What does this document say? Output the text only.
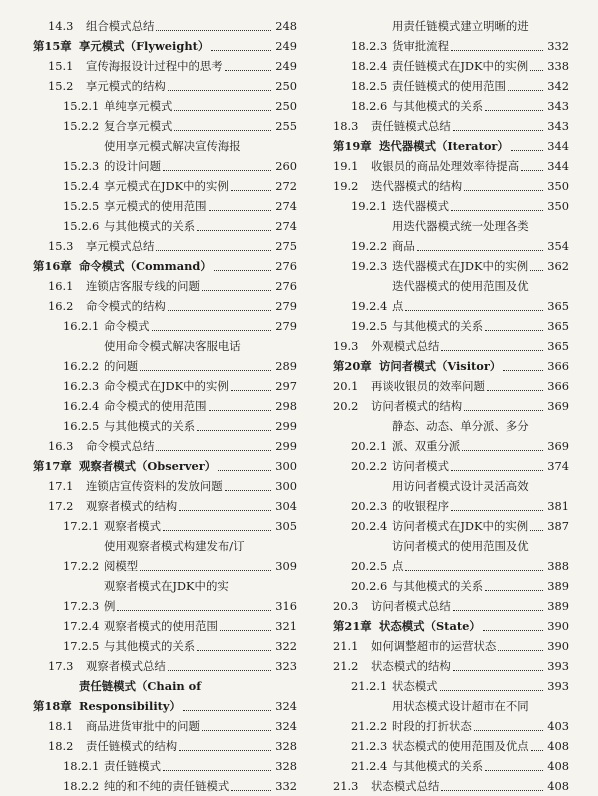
14.3	组合模式总结	248
第15章 享元模式（Flyweight）	249
15.1	宣传海报设计过程中的思考	249
15.2	享元模式的结构	250
15.2.1 单纯享元模式	250
15.2.2 复合享元模式	255
15.2.3
使用享元模式解决宣传海报
的设计问题	260
15.2.4 享元模式在JDK中的实例	272
15.2.5 享元模式的使用范围	274
15.2.6 与其他模式的关系	274
15.3	享元模式总结	275
第16章 命令模式（Command）	276
16.1	连锁店客服专线的问题	276
16.2	命令模式的结构	279
16.2.1 命令模式	279
16.2.2
使用命令模式解决客服电话
的问题	289
16.2.3 命令模式在JDK中的实例	297
16.2.4 命令模式的使用范围	298
16.2.5 与其他模式的关系	299
16.3	命令模式总结	299
第17章 观察者模式（Observer）	300
17.1	连锁店宣传资料的发放问题	300
17.2	观察者模式的结构	304
17.2.1 观察者模式	305
17.2.2
使用观察者模式构建发布/订
阅模型	309
17.2.3
观察者模式在JDK中的实
例	316
17.2.4 观察者模式的使用范围	321
17.2.5 与其他模式的关系	322
17.3	观察者模式总结	323
第18章
责任链模式（Chain of
Responsibility）	324
18.1	商品进货审批中的问题	324
18.2	责任链模式的结构	328
18.2.1 责任链模式	328
18.2.2 纯的和不纯的责任链模式	332
18.2.3
用责任链模式建立明晰的进
货审批流程	332
18.2.4 责任链模式在JDK中的实例 338
18.2.5 责任链模式的使用范围	342
18.2.6 与其他模式的关系	343
18.3	责任链模式总结	343
第19章 迭代器模式（Iterator）	344
19.1	收银员的商品处理效率待提高 344
19.2	迭代器模式的结构	350
19.2.1 迭代器模式	350
19.2.2
用迭代器模式统一处理各类
商品	354
19.2.3 迭代器模式在JDK中的实例 362
19.2.4
迭代器模式的使用范围及优
点	365
19.2.5 与其他模式的关系	365
19.3	外观模式总结	365
第20章 访问者模式（Visitor）	366
20.1	再谈收银员的效率问题	366
20.2	访问者模式的结构	369
20.2.1
静态、动态、单分派、多分
派、双重分派	369
20.2.2 访问者模式	374
20.2.3
用访问者模式设计灵活高效
的收银程序	381
20.2.4 访问者模式在JDK中的实例 387
20.2.5
访问者模式的使用范围及优
点	388
20.2.6 与其他模式的关系	389
20.3	访问者模式总结	389
第21章 状态模式（State）	390
21.1	如何调整超市的运营状态	390
21.2	状态模式的结构	393
21.2.1 状态模式	393
21.2.2
用状态模式设计超市在不同
时段的打折状态	403
21.2.3 状态模式的使用范围及优点 408
21.2.4 与其他模式的关系	408
21.3	状态模式总结	408
